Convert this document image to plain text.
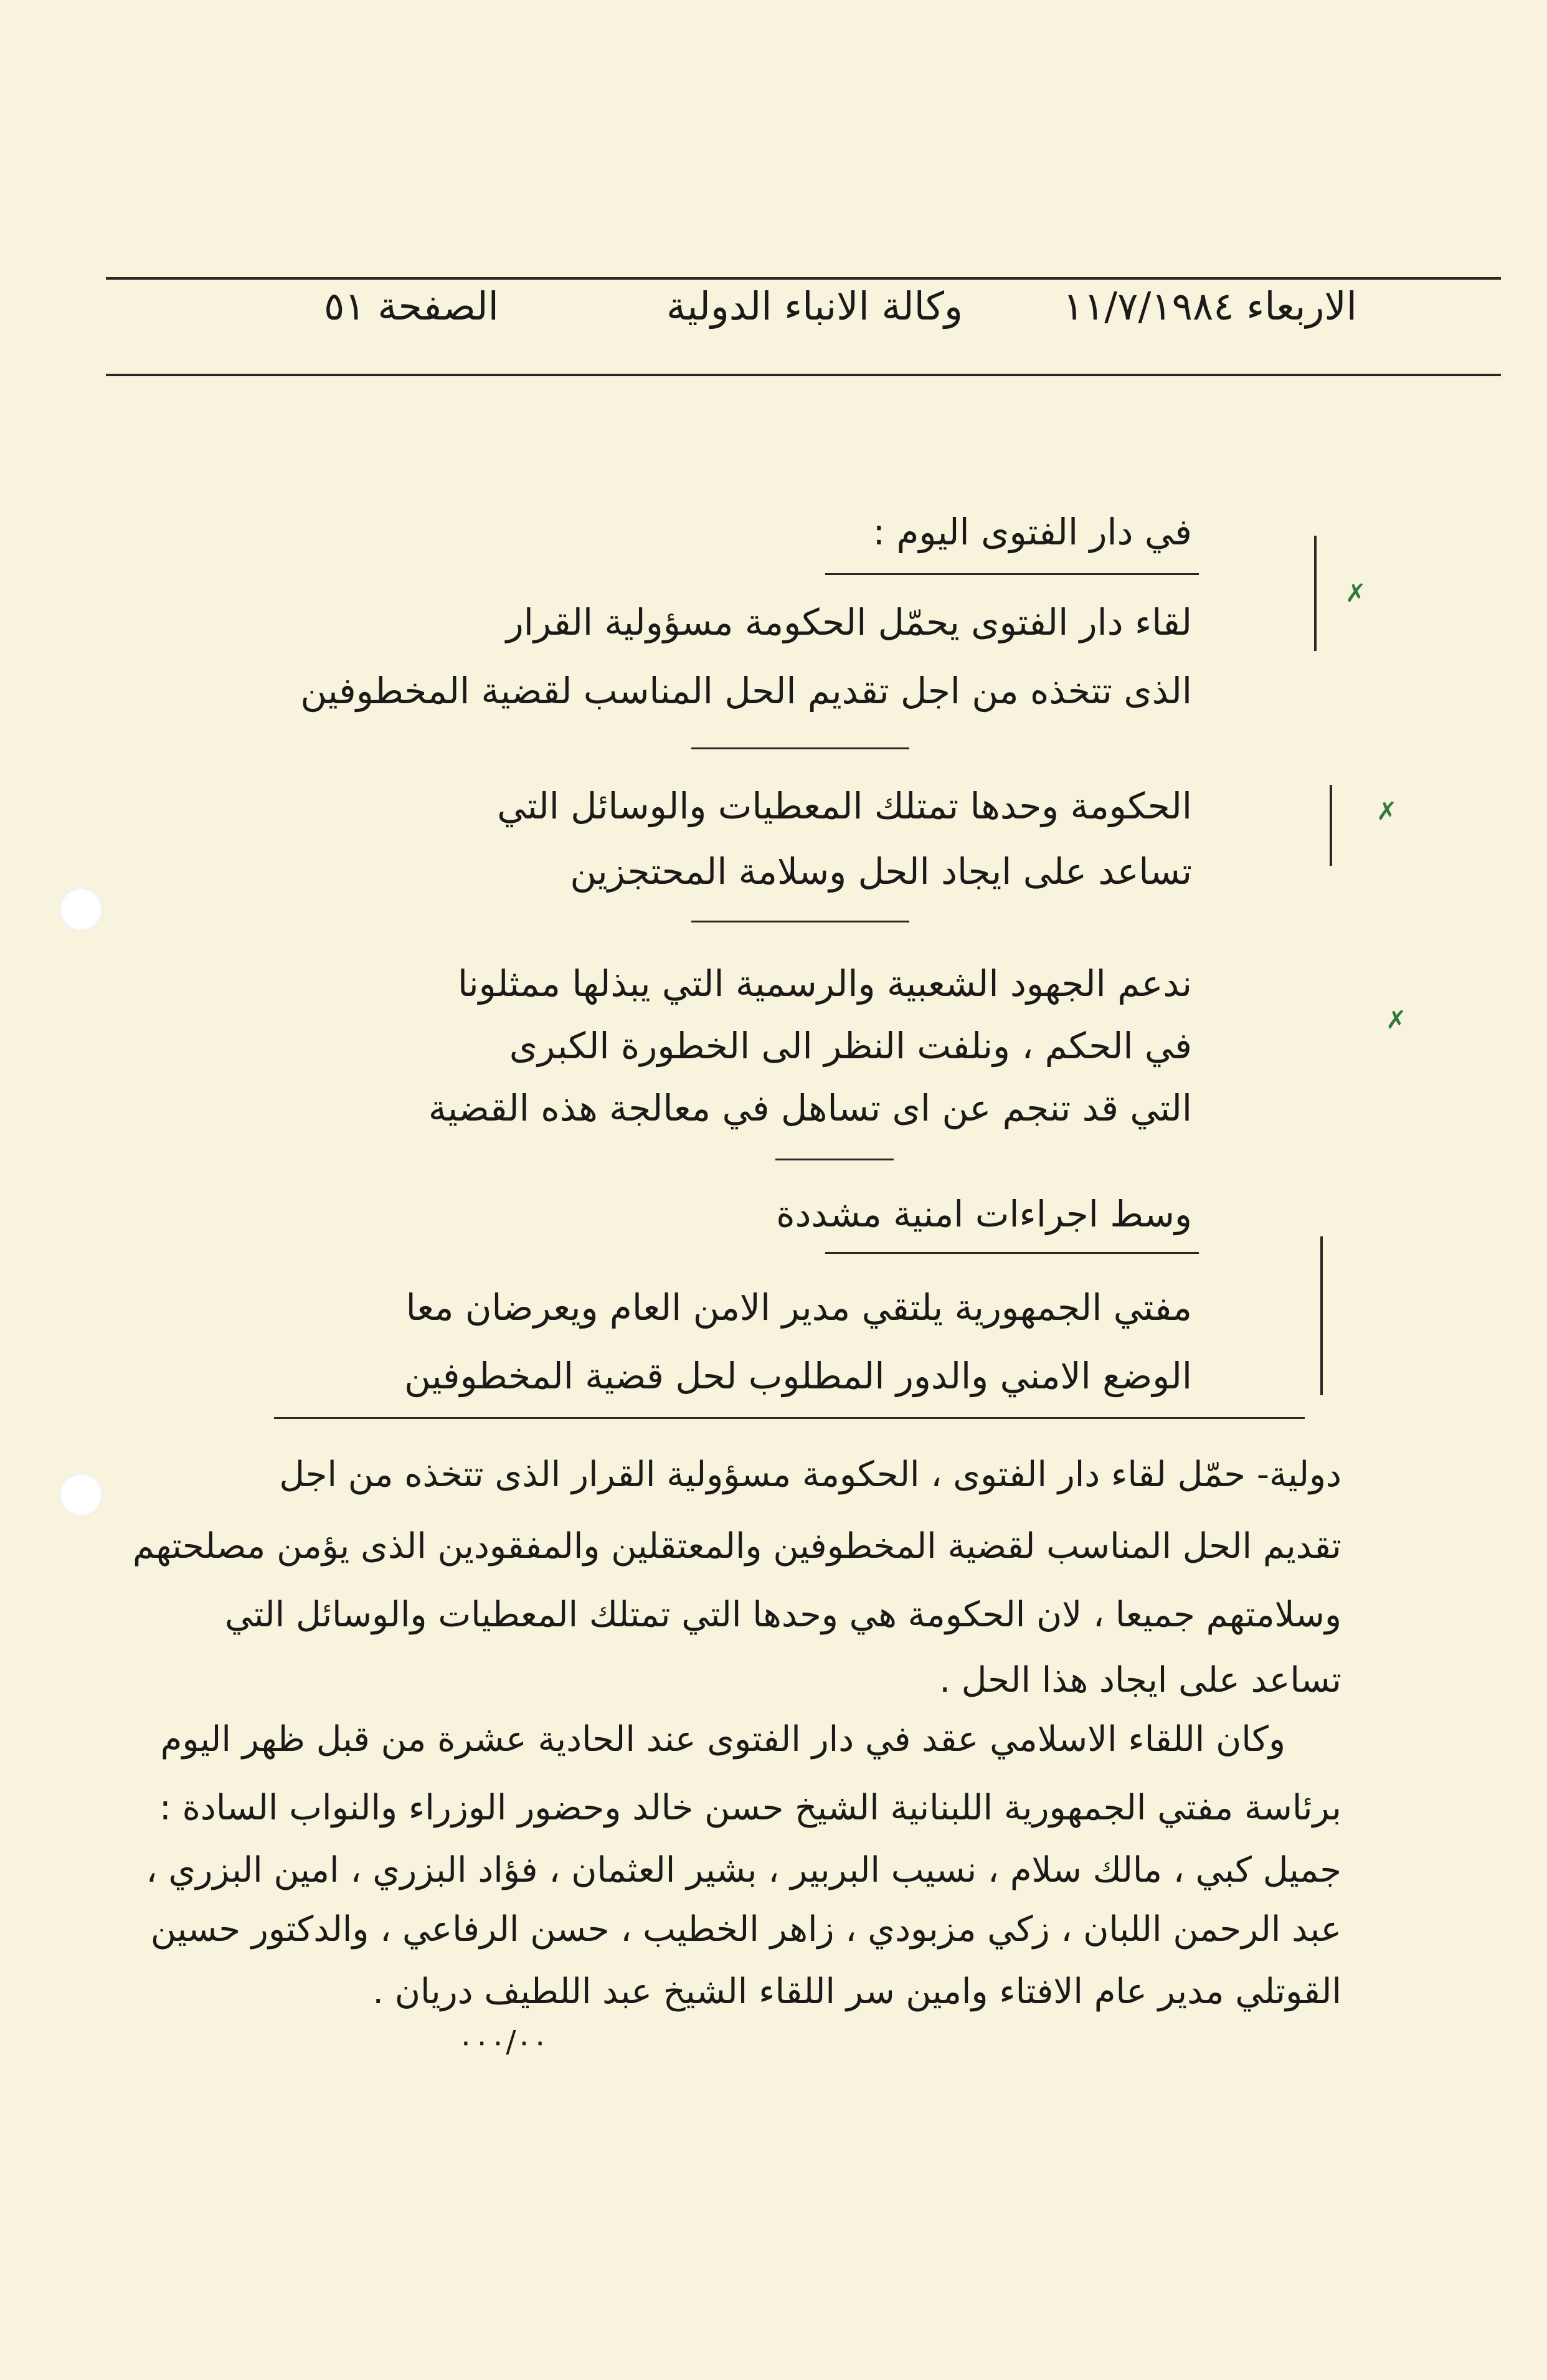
الاربعاء ١١/٧/١٩٨٤
وكالة الانباء الدولية
الصفحة ٥١
في دار الفتوى اليوم :
لقاء دار الفتوى يحمّل الحكومة مسؤولية القرار
الذى تتخذه من اجل تقديم الحل المناسب لقضية المخطوفين
الحكومة وحدها تمتلك المعطيات والوسائل التي
تساعد على ايجاد الحل وسلامة المحتجزين
ندعم الجهود الشعبية والرسمية التي يبذلها ممثلونا
في الحكم ، ونلفت النظر الى الخطورة الكبرى
التي قد تنجم عن اى تساهل في معالجة هذه القضية
وسط اجراءات امنية مشددة
مفتي الجمهورية يلتقي مدير الامن العام ويعرضان معا
الوضع الامني والدور المطلوب لحل قضية المخطوفين
✗
✗
✗
دولية- حمّل لقاء دار الفتوى ، الحكومة مسؤولية القرار الذى تتخذه من اجل
تقديم الحل المناسب لقضية المخطوفين والمعتقلين والمفقودين الذى يؤمن مصلحتهم
وسلامتهم جميعا ، لان الحكومة هي وحدها التي تمتلك المعطيات والوسائل التي
تساعد على ايجاد هذا الحل .
وكان اللقاء الاسلامي عقد في دار الفتوى عند الحادية عشرة من قبل ظهر اليوم
برئاسة مفتي الجمهورية اللبنانية الشيخ حسن خالد وحضور الوزراء والنواب السادة :
جميل كبي ، مالك سلام ، نسيب البربير ، بشير العثمان ، فؤاد البزري ، امين البزري ،
عبد الرحمن اللبان ، زكي مزبودي ، زاهر الخطيب ، حسن الرفاعي ، والدكتور حسين
القوتلي مدير عام الافتاء وامين سر اللقاء الشيخ عبد اللطيف دريان .
٠٠٠/٠٠
